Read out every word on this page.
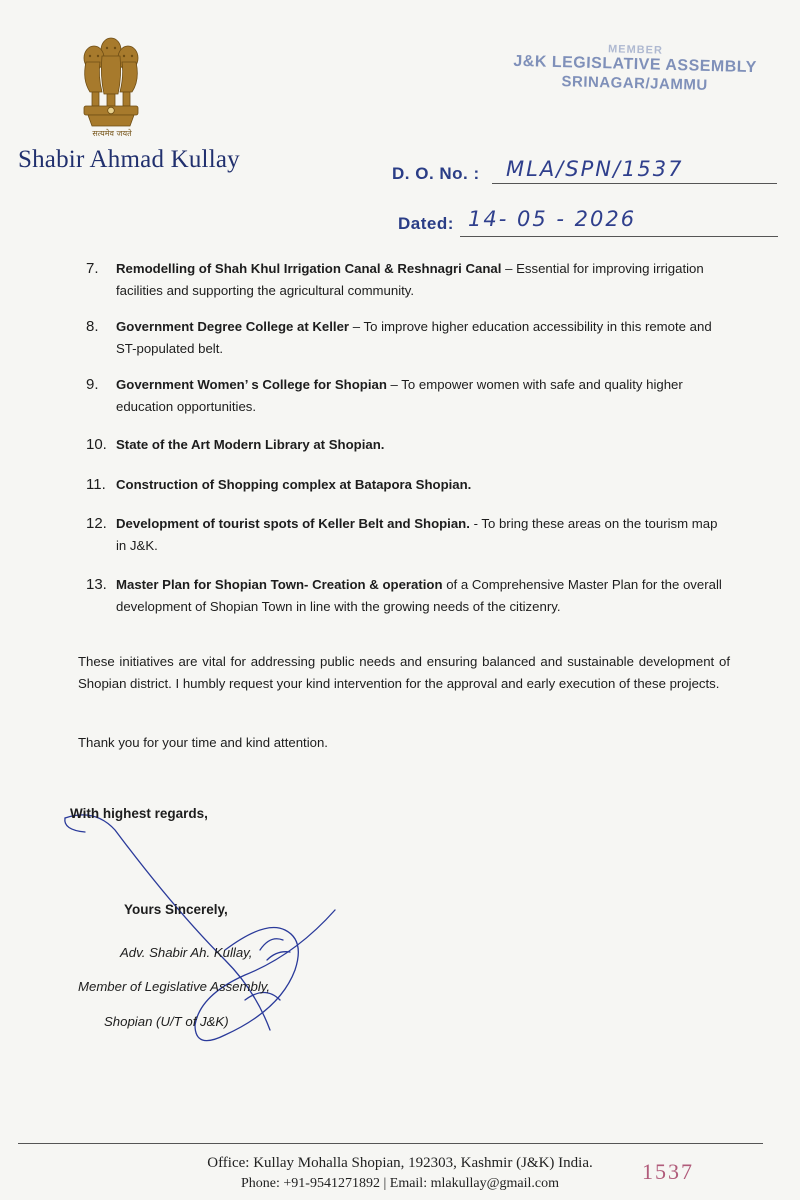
सत्यमेव जयते
Shabir Ahmad Kullay
MEMBER
J&K LEGISLATIVE ASSEMBLY
SRINAGAR/JAMMU
D. O. No. : MLA/SPN/1537
Dated: 14- 05 - 2026
7. Remodelling of Shah Khul Irrigation Canal & Reshnagri Canal – Essential for improving irrigation facilities and supporting the agricultural community.
8. Government Degree College at Keller – To improve higher education accessibility in this remote and ST-populated belt.
9. Government Women’ s College for Shopian – To empower women with safe and quality higher education opportunities.
10. State of the Art Modern Library at Shopian.
11. Construction of Shopping complex at Batapora Shopian.
12. Development of tourist spots of Keller Belt and Shopian. - To bring these areas on the tourism map in J&K.
13. Master Plan for Shopian Town- Creation & operation of a Comprehensive Master Plan for the overall development of Shopian Town in line with the growing needs of the citizenry.

These initiatives are vital for addressing public needs and ensuring balanced and sustainable development of Shopian district. I humbly request your kind intervention for the approval and early execution of these projects.

Thank you for your time and kind attention.

With highest regards,
Yours Sincerely,
Adv. Shabir Ah. Kullay,
Member of Legislative Assembly,
Shopian (U/T of J&K)
Office: Kullay Mohalla Shopian, 192303, Kashmir (J&K) India.
Phone: +91-9541271892 | Email: mlakullay@gmail.com	1537
